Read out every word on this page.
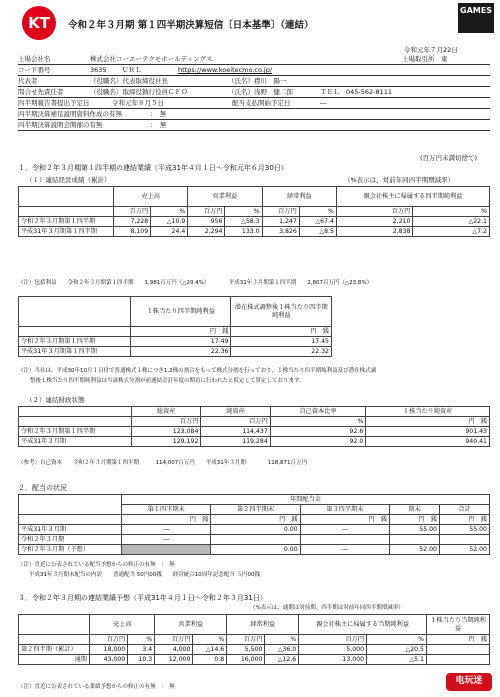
KT	令和２年３月期 第１四半期決算短信〔日本基準〕（連結）
GAMES
令和元年７月22日
上場会社名	株式会社コーエーテクモホールディングス	上場取引所　東
コード番号	3635 ＵＲＬ	https://www.koeitecmo.co.jp/
代表者	（役職名）代表取締役社長	（氏名）襟川　陽一
問合せ先責任者	（役職名）取締役執行役員ＣＦＯ	（氏名）浅野　健二郎	ＴＥＬ　045-562-8111
四半期報告書提出予定日	令和元年８月５日	配当支払開始予定日	―
四半期決算補足説明資料作成の有無	：　無
四半期決算説明会開催の有無	：　無
(百万円未満切捨て)
１．令和２年３月期第１四半期の連結業績（平成31年４月１日～令和元年６月30日）
（１）連結経営成績（累計）	（%表示は、対前年同四半期増減率）
	売上高		営業利益		経常利益		親会社株主に帰属する四半期純利益	
	百万円	%	百万円	%	百万円	%	百万円	%
令和２年３月期第１四半期	7,228	△10.9	956	△58.3	1,247	△67.4	2,210	△22.1
平成31年３月期第１四半期	8,109	24.4	2,294	133.0	3,826	△8.5	2,838	△7.2
（注）包括利益　　令和２年３月期第１四半期　　1,981百万円（△29.4%）　　　　平成31年３月期第１四半期　　2,807百万円（△23.8%）
	１株当たり四半期純利益	潜在株式調整後１株当たり四半期純利益
	円　銭	円　銭
令和２年３月期第１四半期	17.49	17.45
平成31年３月期第１四半期	22.36	22.32
（注）当社は、平成30年10月１日付で普通株式１株につき1.2株の割合をもって株式分割を行っており、１株当たり四半期純利益及び潜在株式調
整後１株当たり四半期純利益は当該株式分割が前連結会計年度の期首に行われたと仮定して算定しております。
（２）連結財政状態
	総資産	純資産	自己資本比率	１株当たり純資産
	百万円	百万円	%	円　銭
令和２年３月期第１四半期	123,084	114,437	92.6	901.43
平成31年３月期	129,192	119,284	92.0	940.41
（参考）自己資本　　令和２年３月期第１四半期　　　114,007百万円　　平成31年３月期　　　　118,871百万円
２．配当の状況
	年間配当金				
	第１四半期末	第２四半期末	第３四半期末	期末	合計
	円　銭	円　銭	円　銭	円　銭	円　銭
平成31年３月期	―	0.00	―	55.00	55.00
令和２年３月期	―				
令和２年３月期（予想）		0.00	―	52.00	52.00
（注）直近に公表されている配当予想からの修正の有無　：　無
　　平成31年３月期末配当の内訳　　普通配当 50円00銭　　経営統合10周年記念配当 ５円00銭
３．令和２年３月期の連結業績予想（平成31年４月１日～令和２年３月31日）
（%表示は、通期は対前期、四半期は対前年同四半期増減率）
	売上高		営業利益		経常利益		親会社株主に帰属する当期純利益		１株当たり当期純利益
	百万円	%	百万円	%	百万円	%	百万円	%	円　銭
第２四半期（累計）	18,000	3.4	4,000	△14.6	5,500	△36.0	5,000	△20.5	
通期	43,000	10.3	12,000	0.8	16,000	△12.6	13,000	△5.1	
（注）直近に公表されている業績予想からの修正の有無　：　無
电玩迷
